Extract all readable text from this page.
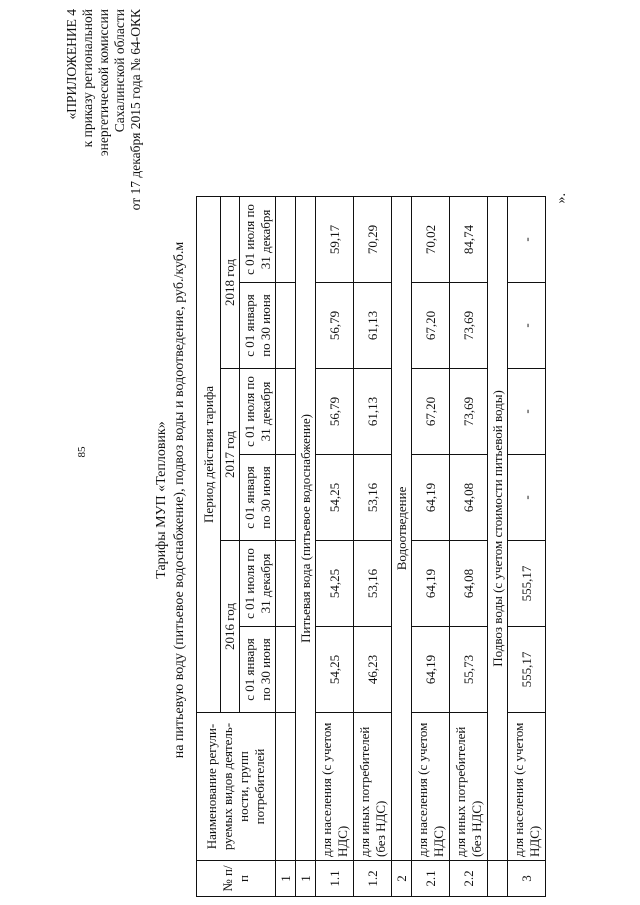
85
«ПРИЛОЖЕНИЕ 4 к приказу региональной энергетической комиссии Сахалинской области от 17 декабря 2015 года № 64-ОКК
Тарифы МУП «Тепловик» на питьевую воду (питьевое водоснабжение), подвоз воды и водоотведение, руб./куб.м
№ п/п	Наименование регули-руемых видов деятель-ности, групп потребителей	Период действия тарифа					
		2016 год		2017 год		2018 год	
		с 01 января по 30 июня	с 01 июля по 31 декабря	с 01 января по 30 июня	с 01 июля по 31 декабря	с 01 января по 30 июня	с 01 июля по 31 декабря
1							
1	Питьевая вода (питьевое водоснабжение)						
1.1	для населения (с учетом НДС)	54,25	54,25	54,25	56,79	56,79	59,17
1.2	для иных потребителей (без НДС)	46,23	53,16	53,16	61,13	61,13	70,29
2	Водоотведение						
2.1	для населения (с учетом НДС)	64,19	64,19	64,19	67,20	67,20	70,02
2.2	для иных потребителей (без НДС)	55,73	64,08	64,08	73,69	73,69	84,74
	Подвоз воды (с учетом стоимости питьевой воды)						
3	для населения (с учетом НДС)	555,17	555,17	-	-	-	-
».
